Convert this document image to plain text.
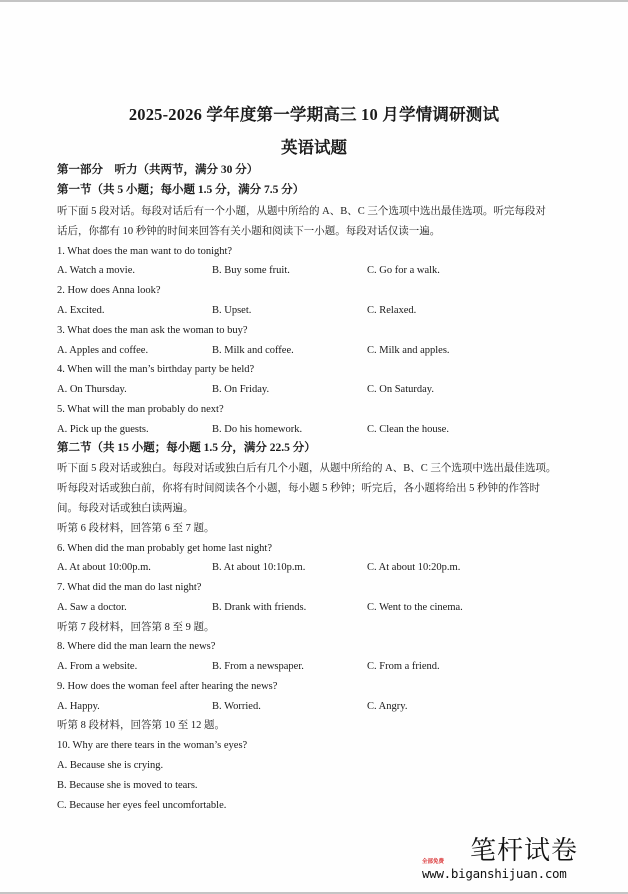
2025-2026 学年度第一学期高三 10 月学情调研测试
英语试题
第一部分　听力（共两节，满分 30 分）
第一节（共 5 小题；每小题 1.5 分，满分 7.5 分）
听下面 5 段对话。每段对话后有一个小题，从题中所给的 A、B、C 三个选项中选出最佳选项。听完每段对
话后，你都有 10 秒钟的时间来回答有关小题和阅读下一小题。每段对话仅读一遍。
1. What does the man want to do tonight?
A. Watch a movie.	B. Buy some fruit.	C. Go for a walk.
2. How does Anna look?
A. Excited.	B. Upset.	C. Relaxed.
3. What does the man ask the woman to buy?
A. Apples and coffee.	B. Milk and coffee.	C. Milk and apples.
4. When will the man’s birthday party be held?
A. On Thursday.	B. On Friday.	C. On Saturday.
5. What will the man probably do next?
A. Pick up the guests.	B. Do his homework.	C. Clean the house.
第二节（共 15 小题；每小题 1.5 分，满分 22.5 分）
听下面 5 段对话或独白。每段对话或独白后有几个小题，从题中所给的 A、B、C 三个选项中选出最佳选项。
听每段对话或独白前，你将有时间阅读各个小题，每小题 5 秒钟；听完后，各小题将给出 5 秒钟的作答时
间。每段对话或独白读两遍。
听第 6 段材料，回答第 6 至 7 题。
6. When did the man probably get home last night?
A. At about 10:00p.m.	B. At about 10:10p.m.	C. At about 10:20p.m.
7. What did the man do last night?
A. Saw a doctor.	B. Drank with friends.	C. Went to the cinema.
听第 7 段材料，回答第 8 至 9 题。
8. Where did the man learn the news?
A. From a website.	B. From a newspaper.	C. From a friend.
9. How does the woman feel after hearing the news?
A. Happy.	B. Worried.	C. Angry.
听第 8 段材料，回答第 10 至 12 题。
10. Why are there tears in the woman’s eyes?
A. Because she is crying.
B. Because she is moved to tears.
C. Because her eyes feel uncomfortable.
笔杆试卷
全部免费
www.biganshijuan.com
